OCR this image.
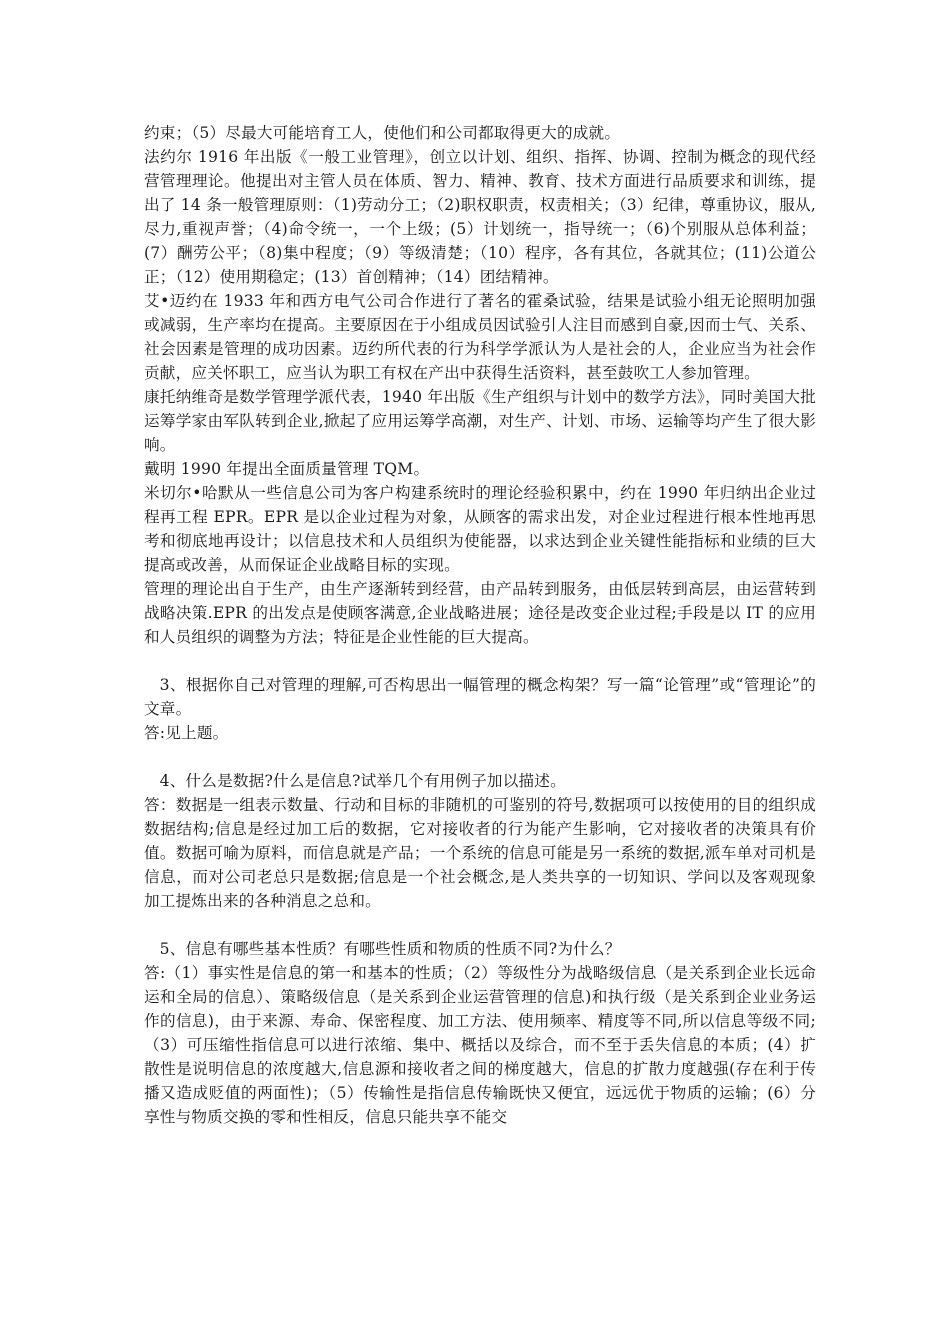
约束；（5）尽最大可能培育工人，使他们和公司都取得更大的成就。

法约尔 1916 年出版《一般工业管理》，创立以计划、组织、指挥、协调、控制为概念的现代经营管理理论。他提出对主管人员在体质、智力、精神、教育、技术方面进行品质要求和训练，提出了 14 条一般管理原则：（1)劳动分工；（2)职权职责，权责相关；（3）纪律，尊重协议，服从,尽力,重视声誉；（4)命令统一，一个上级；(5）计划统一，指导统一；（6)个别服从总体利益；(7）酬劳公平；（8)集中程度；（9）等级清楚；（10）程序，各有其位，各就其位；(11)公道公正；（12）使用期稳定；(13）首创精神；（14）团结精神。

艾•迈约在 1933 年和西方电气公司合作进行了著名的霍桑试验，结果是试验小组无论照明加强或减弱，生产率均在提高。主要原因在于小组成员因试验引人注目而感到自豪,因而士气、关系、社会因素是管理的成功因素。迈约所代表的行为科学学派认为人是社会的人，企业应当为社会作贡献，应关怀职工，应当认为职工有权在产出中获得生活资料，甚至鼓吹工人参加管理。

康托纳维奇是数学管理学派代表，1940 年出版《生产组织与计划中的数学方法》，同时美国大批运筹学家由军队转到企业,掀起了应用运筹学高潮，对生产、计划、市场、运输等均产生了很大影响。

戴明 1990 年提出全面质量管理 TQM。

米切尔•哈默从一些信息公司为客户构建系统时的理论经验积累中，约在 1990 年归纳出企业过程再工程 EPR。EPR 是以企业过程为对象，从顾客的需求出发，对企业过程进行根本性地再思考和彻底地再设计；以信息技术和人员组织为使能器，以求达到企业关键性能指标和业绩的巨大提高或改善，从而保证企业战略目标的实现。

管理的理论出自于生产，由生产逐渐转到经营，由产品转到服务，由低层转到高层，由运营转到战略决策.EPR 的出发点是使顾客满意,企业战略进展；途径是改变企业过程;手段是以 IT 的应用和人员组织的调整为方法；特征是企业性能的巨大提高。

3、根据你自己对管理的理解,可否构思出一幅管理的概念构架？写一篇“论管理”或“管理论”的文章。

答:见上题。

4、什么是数据?什么是信息?试举几个有用例子加以描述。

答：数据是一组表示数量、行动和目标的非随机的可鉴别的符号,数据项可以按使用的目的组织成数据结构;信息是经过加工后的数据，它对接收者的行为能产生影响，它对接收者的决策具有价值。数据可喻为原料，而信息就是产品；一个系统的信息可能是另一系统的数据,派车单对司机是信息，而对公司老总只是数据;信息是一个社会概念,是人类共享的一切知识、学问以及客观现象加工提炼出来的各种消息之总和。

5、信息有哪些基本性质？有哪些性质和物质的性质不同?为什么？

答:（1）事实性是信息的第一和基本的性质；（2）等级性分为战略级信息（是关系到企业长远命运和全局的信息）、策略级信息（是关系到企业运营管理的信息)和执行级（是关系到企业业务运作的信息)，由于来源、寿命、保密程度、加工方法、使用频率、精度等不同,所以信息等级不同;（3）可压缩性指信息可以进行浓缩、集中、概括以及综合，而不至于丢失信息的本质；(4）扩散性是说明信息的浓度越大,信息源和接收者之间的梯度越大，信息的扩散力度越强(存在利于传播又造成贬值的两面性)；（5）传输性是指信息传输既快又便宜，远远优于物质的运输；(6）分享性与物质交换的零和性相反，信息只能共享不能交
